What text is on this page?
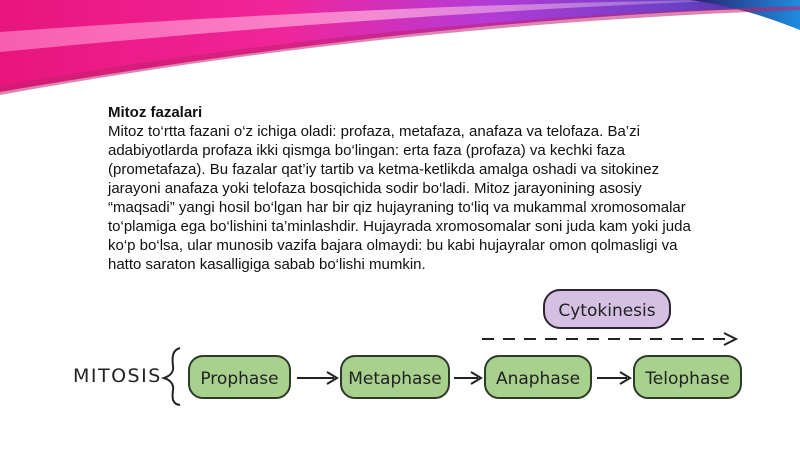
Mitoz fazalari
Mitoz to‘rtta fazani o‘z ichiga oladi: profaza, metafaza, anafaza va telofaza. Ba’zi adabiyotlarda profaza ikki qismga bo‘lingan: erta faza (profaza) va kechki faza (prometafaza). Bu fazalar qat’iy tartib va ketma-ketlikda amalga oshadi va sitokinez jarayoni anafaza yoki telofaza bosqichida sodir bo‘ladi. Mitoz jarayonining asosiy “maqsadi” yangi hosil bo‘lgan har bir qiz hujayraning to‘liq va mukammal xromosomalar to‘plamiga ega bo‘lishini ta’minlashdir. Hujayrada xromosomalar soni juda kam yoki juda ko‘p bo‘lsa, ular munosib vazifa bajara olmaydi: bu kabi hujayralar omon qolmasligi va hatto saraton kasalligiga sabab bo‘lishi mumkin.
MITOSIS
Cytokinesis
Prophase	Metaphase	Anaphase	Telophase
